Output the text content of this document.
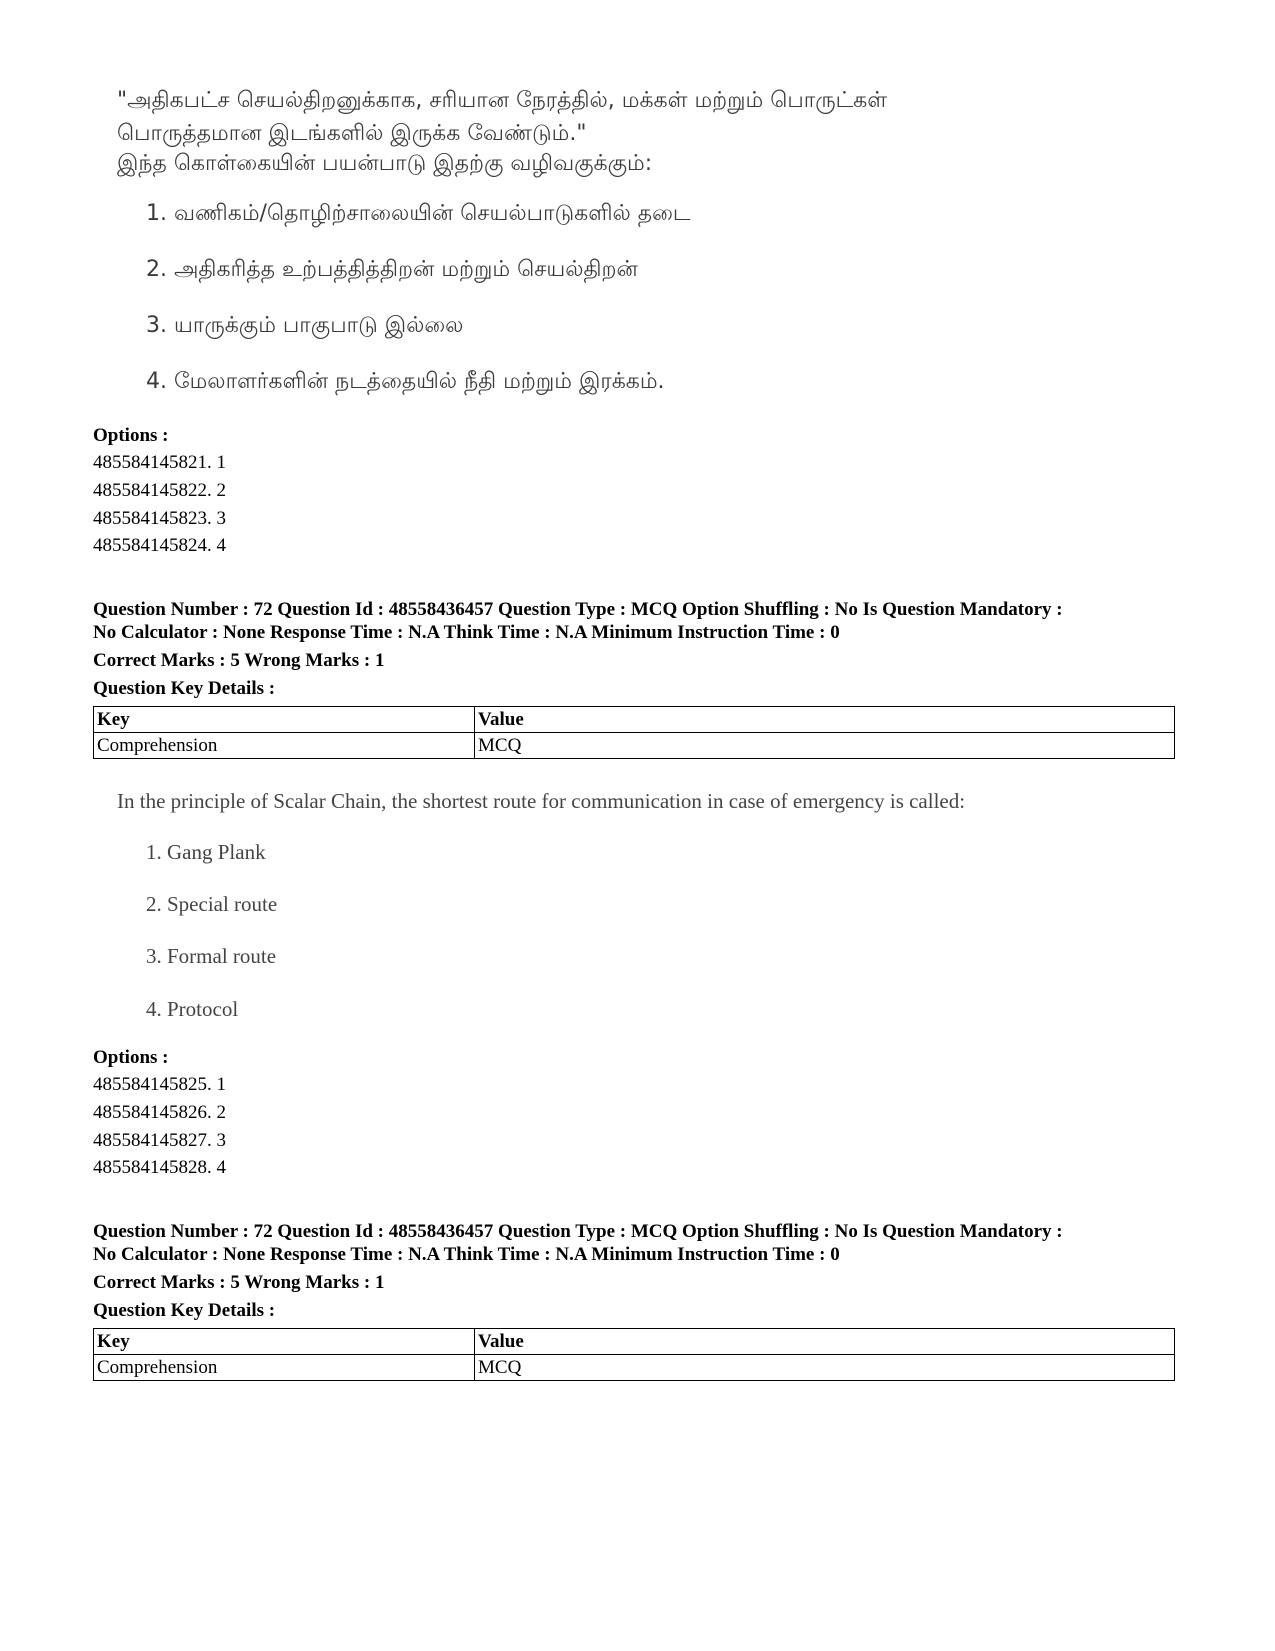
"அதிகபட்ச செயல்திறனுக்காக, சரியான நேரத்தில், மக்கள் மற்றும் பொருட்கள்
பொருத்தமான இடங்களில் இருக்க வேண்டும்."
இந்த கொள்கையின் பயன்பாடு இதற்கு வழிவகுக்கும்:
1. வணிகம்/தொழிற்சாலையின் செயல்பாடுகளில் தடை
2. அதிகரித்த உற்பத்தித்திறன் மற்றும் செயல்திறன்
3. யாருக்கும் பாகுபாடு இல்லை
4. மேலாளர்களின் நடத்தையில் நீதி மற்றும் இரக்கம்.
Options :
485584145821. 1
485584145822. 2
485584145823. 3
485584145824. 4
Question Number : 72 Question Id : 48558436457 Question Type : MCQ Option Shuffling : No Is Question Mandatory :
No Calculator : None Response Time : N.A Think Time : N.A Minimum Instruction Time : 0
Correct Marks : 5 Wrong Marks : 1
Question Key Details :
Key	Value
Comprehension	MCQ
In the principle of Scalar Chain, the shortest route for communication in case of emergency is called:
1. Gang Plank
2. Special route
3. Formal route
4. Protocol
Options :
485584145825. 1
485584145826. 2
485584145827. 3
485584145828. 4
Question Number : 72 Question Id : 48558436457 Question Type : MCQ Option Shuffling : No Is Question Mandatory :
No Calculator : None Response Time : N.A Think Time : N.A Minimum Instruction Time : 0
Correct Marks : 5 Wrong Marks : 1
Question Key Details :
Key	Value
Comprehension	MCQ
